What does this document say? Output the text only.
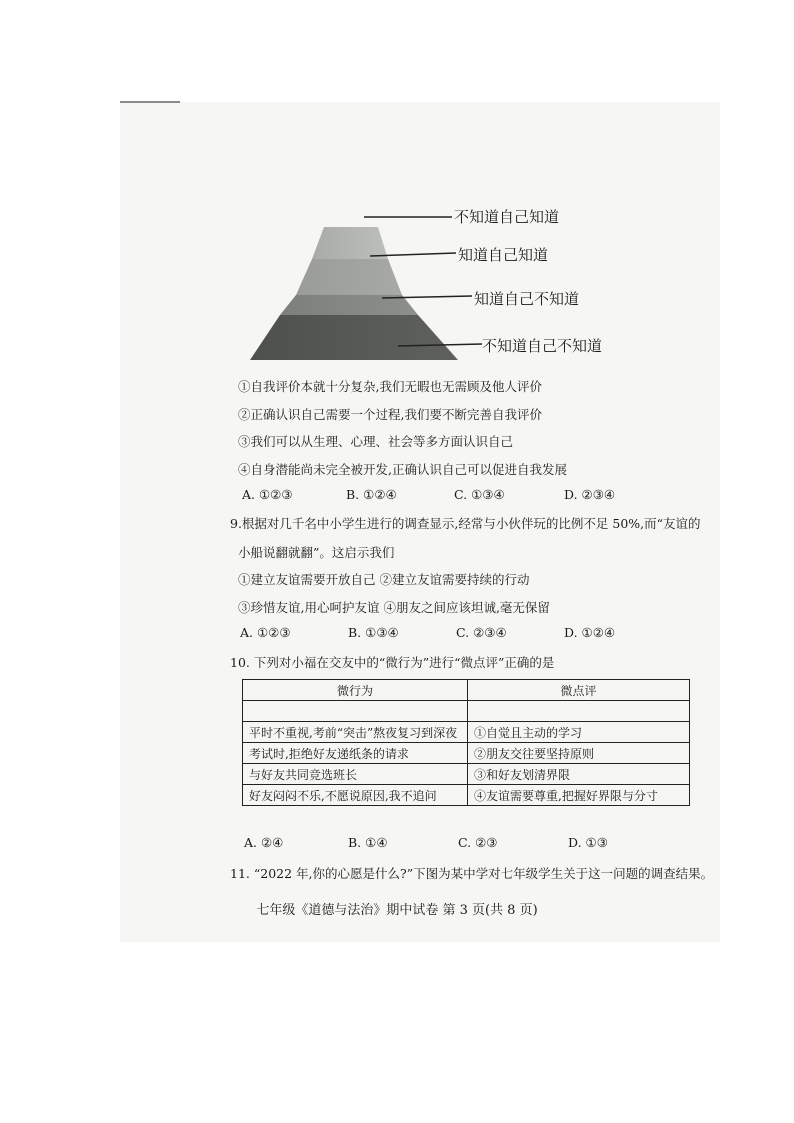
不知道自己知道
知道自己知道
知道自己不知道
不知道自己不知道
①自我评价本就十分复杂,我们无暇也无需顾及他人评价
②正确认识自己需要一个过程,我们要不断完善自我评价
③我们可以从生理、心理、社会等多方面认识自己
④自身潜能尚未完全被开发,正确认识自己可以促进自我发展
A. ①②③	B. ①②④	C. ①③④	D. ②③④
9.根据对几千名中小学生进行的调查显示,经常与小伙伴玩的比例不足 50%,而“友谊的
小船说翻就翻”。这启示我们
①建立友谊需要开放自己 ②建立友谊需要持续的行动
③珍惜友谊,用心呵护友谊 ④朋友之间应该坦诚,毫无保留
A. ①②③	B. ①③④	C. ②③④	D. ①②④
10. 下列对小福在交友中的“微行为”进行“微点评”正确的是
微行为	微点评

平时不重视,考前“突击”熬夜复习到深夜	①自觉且主动的学习
考试时,拒绝好友递纸条的请求	②朋友交往要坚持原则
与好友共同竞选班长	③和好友划清界限
好友闷闷不乐,不愿说原因,我不追问	④友谊需要尊重,把握好界限与分寸
A. ②④	B. ①④	C. ②③	D. ①③
11. “2022 年,你的心愿是什么?”下图为某中学对七年级学生关于这一问题的调查结果。
七年级《道德与法治》期中试卷 第 3 页(共 8 页)
